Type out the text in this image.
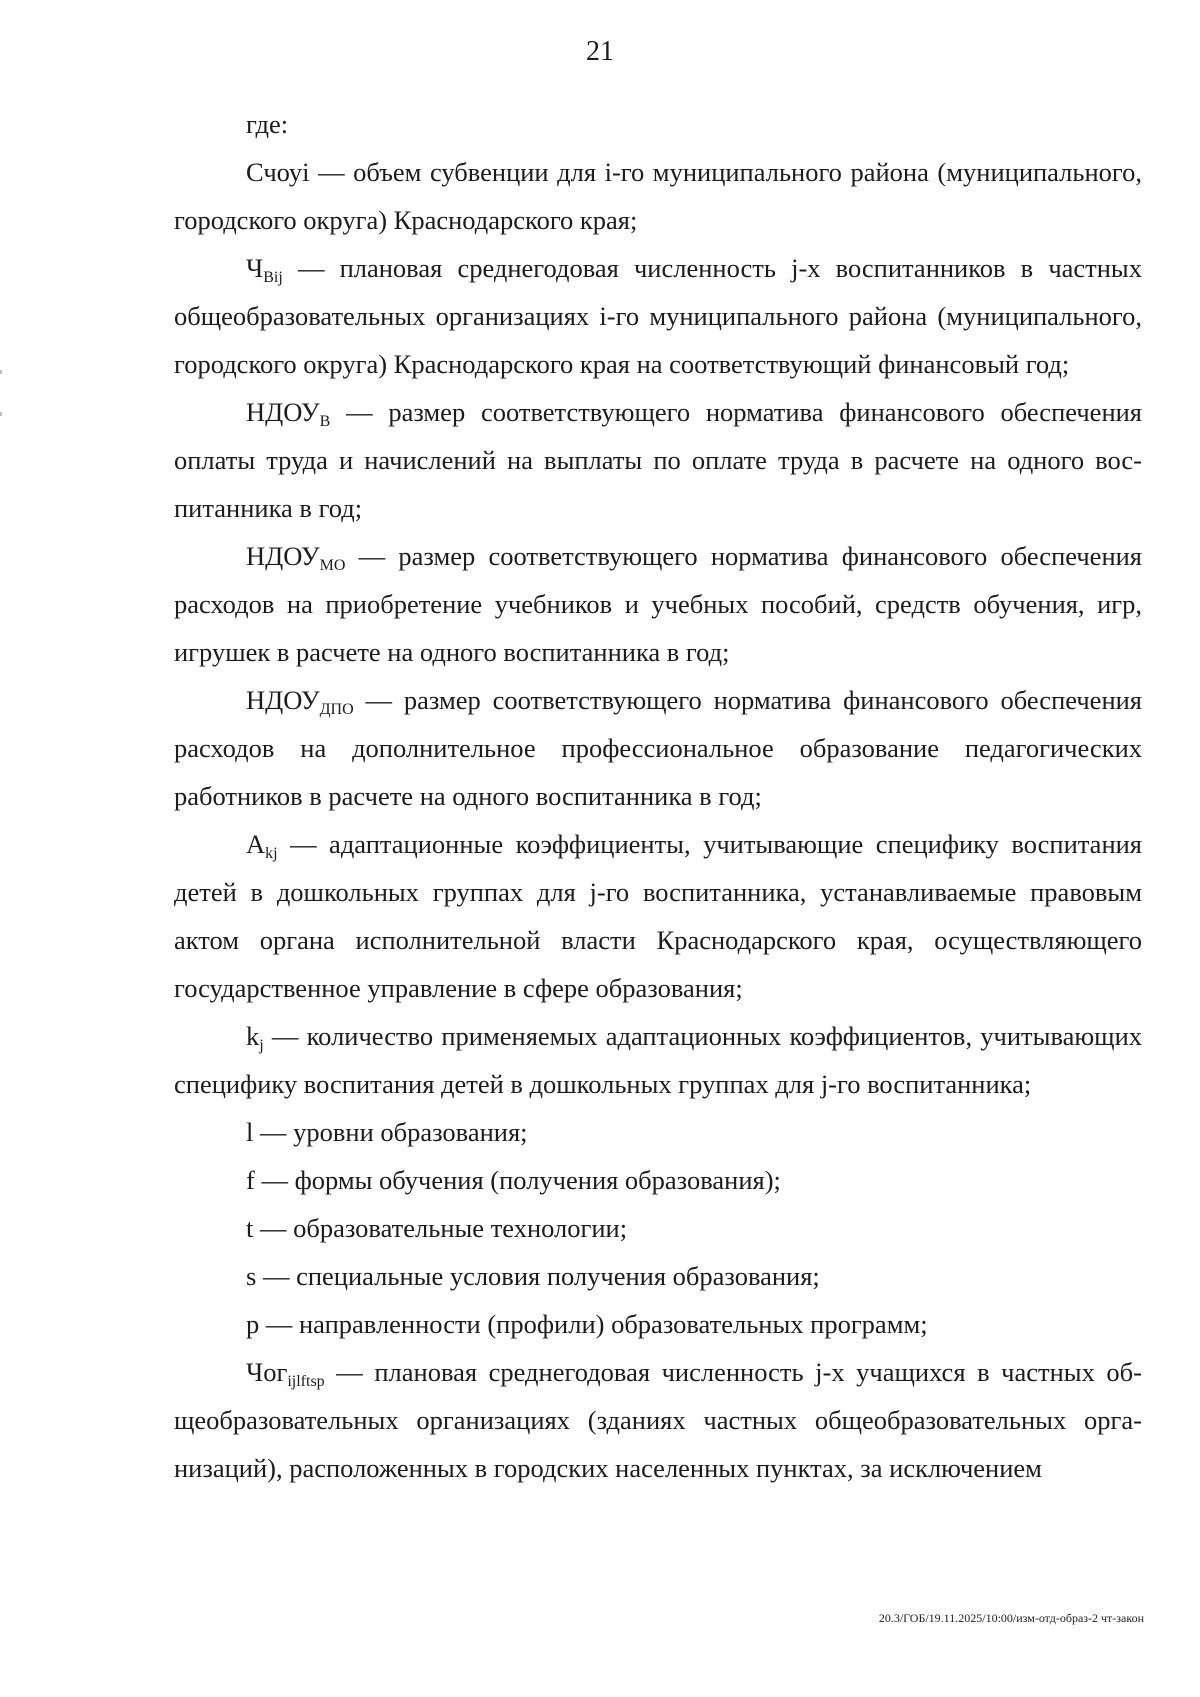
21

где:

Счоуi — объем субвенции для i-го муниципального района (муниципального, городского округа) Краснодарского края;

$Ч_{Bij}$ — плановая среднегодовая численность j-х воспитанников в частных общеобразовательных организациях i-го муниципального района (муниципального, городского округа) Краснодарского края на соответствующий финансовый год;

$НДОУ_В$ — размер соответствующего норматива финансового обеспечения оплаты труда и начислений на выплаты по оплате труда в расчете на одного воспитанника в год;

$НДОУ_{МО}$ — размер соответствующего норматива финансового обеспечения расходов на приобретение учебников и учебных пособий, средств обучения, игр, игрушек в расчете на одного воспитанника в год;

$НДОУ_{ДПО}$ — размер соответствующего норматива финансового обеспечения расходов на дополнительное профессиональное образование педагогических работников в расчете на одного воспитанника в год;

$A_{kj}$ — адаптационные коэффициенты, учитывающие специфику воспитания детей в дошкольных группах для j-го воспитанника, устанавливаемые правовым актом органа исполнительной власти Краснодарского края, осуществляющего государственное управление в сфере образования;

$k_j$ — количество применяемых адаптационных коэффициентов, учитывающих специфику воспитания детей в дошкольных группах для j-го воспитанника;

l — уровни образования;

f — формы обучения (получения образования);

t — образовательные технологии;

s — специальные условия получения образования;

p — направленности (профили) образовательных программ;

Чог$_{ijlftsp}$ — плановая среднегодовая численность j-х учащихся в частных общеобразовательных организациях (зданиях частных общеобразовательных организаций), расположенных в городских населенных пунктах, за исключением

20.3/ГОБ/19.11.2025/10:00/изм-отд-образ-2 чт-закон
